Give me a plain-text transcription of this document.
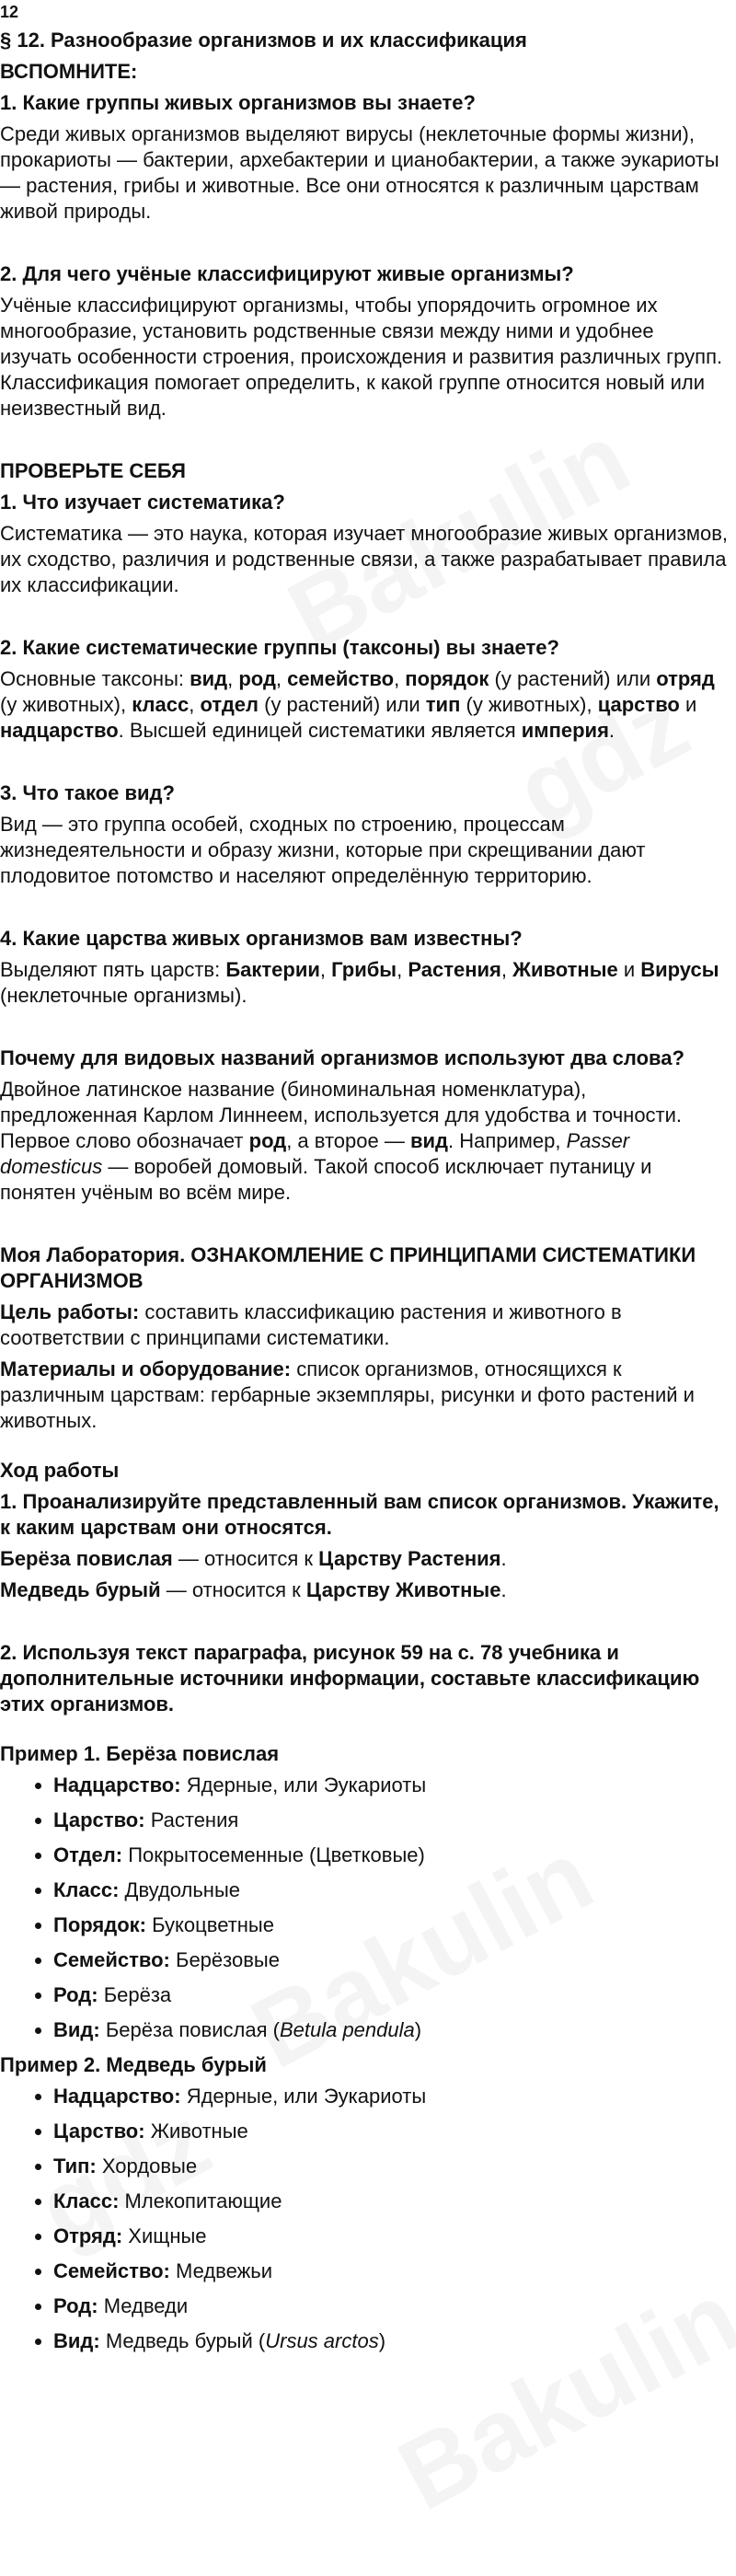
12

§ 12. Разнообразие организмов и их классификация
ВСПОМНИТЕ:
1. Какие группы живых организмов вы знаете?

Среди живых организмов выделяют вирусы (неклеточные формы жизни), прокариоты — бактерии, архебактерии и цианобактерии, а также эукариоты — растения, грибы и животные. Все они относятся к различным царствам живой природы.

2. Для чего учёные классифицируют живые организмы?

Учёные классифицируют организмы, чтобы упорядочить огромное их многообразие, установить родственные связи между ними и удобнее изучать особенности строения, происхождения и развития различных групп. Классификация помогает определить, к какой группе относится новый или неизвестный вид.

ПРОВЕРЬТЕ СЕБЯ
1. Что изучает систематика?

Систематика — это наука, которая изучает многообразие живых организмов, их сходство, различия и родственные связи, а также разрабатывает правила их классификации.

2. Какие систематические группы (таксоны) вы знаете?

Основные таксоны: вид, род, семейство, порядок (у растений) или отряд (у животных), класс, отдел (у растений) или тип (у животных), царство и надцарство. Высшей единицей систематики является империя.

3. Что такое вид?

Вид — это группа особей, сходных по строению, процессам жизнедеятельности и образу жизни, которые при скрещивании дают плодовитое потомство и населяют определённую территорию.

4. Какие царства живых организмов вам известны?

Выделяют пять царств: Бактерии, Грибы, Растения, Животные и Вирусы (неклеточные организмы).

Почему для видовых названий организмов используют два слова?

Двойное латинское название (биноминальная номенклатура), предложенная Карлом Линнеем, используется для удобства и точности. Первое слово обозначает род, а второе — вид. Например, Passer domesticus — воробей домовый. Такой способ исключает путаницу и понятен учёным во всём мире.

Моя Лаборатория. ОЗНАКОМЛЕНИЕ С ПРИНЦИПАМИ СИСТЕМАТИКИ ОРГАНИЗМОВ

Цель работы: составить классификацию растения и животного в соответствии с принципами систематики.

Материалы и оборудование: список организмов, относящихся к различным царствам: гербарные экземпляры, рисунки и фото растений и животных.

Ход работы
1. Проанализируйте представленный вам список организмов. Укажите, к каким царствам они относятся.

Берёза повислая — относится к Царству Растения.

Медведь бурый — относится к Царству Животные.

2. Используя текст параграфа, рисунок 59 на с. 78 учебника и дополнительные источники информации, составьте классификацию этих организмов.
Пример 1. Берёза повислая
• Надцарство: Ядерные, или Эукариоты
• Царство: Растения
• Отдел: Покрытосеменные (Цветковые)
• Класс: Двудольные
• Порядок: Букоцветные
• Семейство: Берёзовые
• Род: Берёза
• Вид: Берёза повислая (Betula pendula)
Пример 2. Медведь бурый
• Надцарство: Ядерные, или Эукариоты
• Царство: Животные
• Тип: Хордовые
• Класс: Млекопитающие
• Отряд: Хищные
• Семейство: Медвежьи
• Род: Медведи
• Вид: Медведь бурый (Ursus arctos)
